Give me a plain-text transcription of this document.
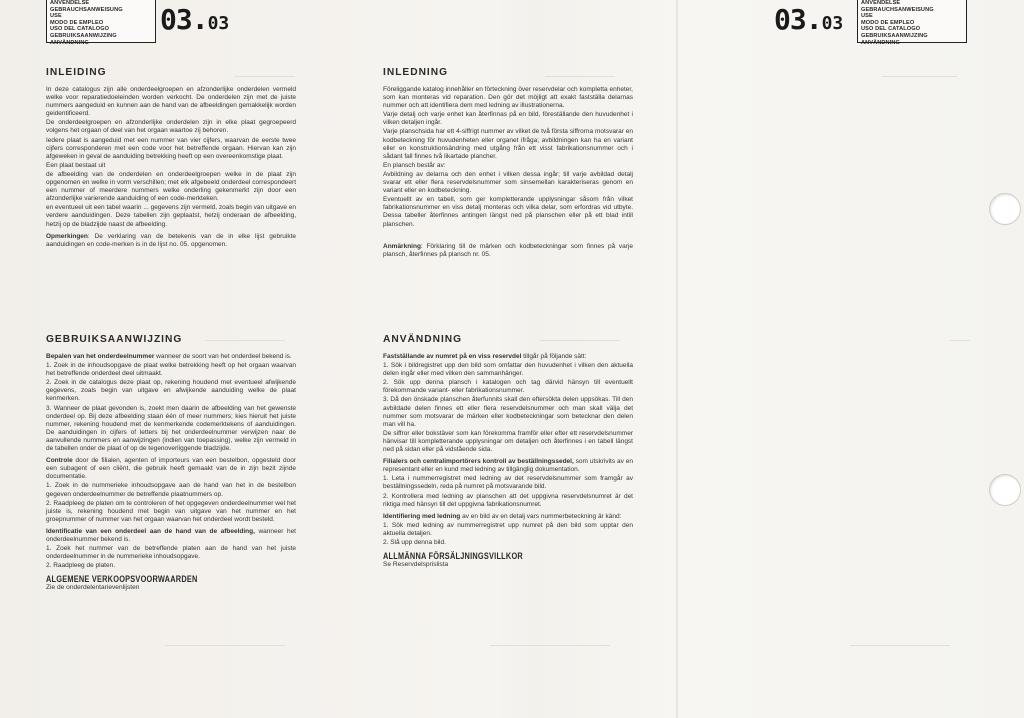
ANVENDELSE
GEBRAUCHSANWEISUNG
USE
MODO DE EMPLEO
USO DEL CATALOGO
GEBRUIKSAANWIJZING
ANVÄNDNING
03.03	03.03
ANVENDELSE
GEBRAUCHSANWEISUNG
USE
MODO DE EMPLEO
USO DEL CATALOGO
GEBRUIKSAANWIJZING
ANVÄNDNING
INLEIDING

In deze catalogus zijn alle onderdeelgroepen en afzonderlijke onderdelen vermeld welke voor reparatiedoeleinden worden verkocht. De onderdelen zijn met de juiste nummers aangeduid en kunnen aan de hand van de afbeeldingen gemakkelijk worden geidentificeerd.

De onderdeelgroepen en afzonderlijke onderdelen zijn in elke plaat gegroepeerd volgens het orgaan of deel van het orgaan waartoe zij behoren.

Iedere plaat is aangeduid met een nummer van vier cijfers, waarvan de eerste twee cijfers corresponderen met een code voor het betreffende orgaan. Hiervan kan zijn afgeweken in geval de aanduiding betrekking heeft op een overeenkomstige plaat.

Een plaat bestaat uit

de afbeelding van de onderdelen en onderdeelgroepen welke in de plaat zijn opgenomen en welke in vorm verschillen; met elk afgebeeld onderdeel correspondeert een nummer of meerdere nummers welke onderling gekenmerkt zijn door een afzonderlijke varierende aanduiding of een code-merkteken.

en eventueel uit een tabel waarin ... gegevens zijn vermeld, zoals begin van uitgave en verdere aanduidingen. Deze tabellen zijn geplaatst, hetzij onderaan de afbeelding, hetzij op de bladzijde naast de afbeelding.

Opmerkingen: De verklaring van de betekenis van de in elke lijst gebruikte aanduidingen en code-merken is in de lijst no. 05. opgenomen.

GEBRUIKSAANWIJZING

Bepalen van het onderdeelnummer wanneer de soort van het onderdeel bekend is.

1. Zoek in de inhoudsopgave de plaat welke betrekking heeft op het orgaan waarvan het betreffende onderdeel deel uitmaakt.

2. Zoek in de catalogus deze plaat op, rekening houdend met eventueel afwijkende gegevens, zoals begin van uitgave en afwijkende aanduiding welke de plaat kenmerken.

3. Wanneer de plaat gevonden is, zoekt men daarin de afbeelding van het gewenste onderdeel op. Bij deze afbeelding staan één of meer nummers; kies hieruit het juiste nummer, rekening houdend met de kenmerkende codemerktekens of aanduidingen. De aanduidingen in cijfers of letters bij het onderdeelnummer verwijzen naar de aanvullende nummers en aanwijzingen (indien van toepassing), welke zijn vermeld in de tabellen onder de plaat of op de tegenoverliggende bladzijde.

Controle door de filialen, agenten of importeurs van een bestelbon, opgesteld door een subagent of een cliënt, die gebruik heeft gemaakt van de in zijn bezit zijnde documentatie.

1. Zoek in de nummerieke inhoudsopgave aan de hand van het in de bestelbon gegeven onderdeelnummer de betreffende plaatnummers op.

2. Raadpleeg de platen om te controleren of het opgegeven onderdeelnummer wel het juiste is, rekening houdend met begin van uitgave van het nummer en het groepnummer of nummer van het orgaan waarvan het onderdeel wordt besteld.

Identificatie van een onderdeel aan de hand van de afbeelding, wanneer het onderdeelnummer bekend is.

1. Zoek het nummer van de betreffende platen aan de hand van het juiste onderdeelnummer in de nummerieke inhoudsopgave.

2. Raadpleeg de platen.

ALGEMENE VERKOOPSVOORWAARDEN
Zie de onderdelentarievenlijsten
INLEDNING

Föreliggande katalog innehåller en förteckning över reservdelar och kompletta enheter, som kan monteras vid reparation. Den gör det möjligt att exakt fastställa delarnas nummer och att identifiera dem med ledning av illustrationerna.

Varje detalj och varje enhet kan återfinnas på en bild, föreställande den huvudenhet i vilken detaljen ingår.

Varje planschsida har ett 4-siffrigt nummer av vilket de två första siffrorna motsvarar en kodbeteckning för huvudenheten eller organet ifråga; avbildningen kan ha en variant eller en konstruktionsändring med utgång från ett visst fabrikationsnummer och i sådant fall finnes två likartade plancher.

En plansch består av:

Avbildning av delarna och den enhet i vilken dessa ingår; till varje avbildad detalj svarar ett eller flera reservdelsnummer som sinsemellan karakteriseras genom en variant eller en kodbeteckning.

Eventuellt av en tabell, som ger kompletterande upplysningar såsom från vilket fabrikationsnummer en viss detalj monteras och vilka delar, som erfordras vid utbyte. Dessa tabeller återfinnes antingen längst ned på planschen eller på ett blad intill planschen.

Anmärkning: Förklaring till de märken och kodbeteckningar som finnes på varje plansch, återfinnes på plansch nr. 05.

ANVÄNDNING

Fastställande av numret på en viss reservdel tillgår på följande sätt:

1. Sök i bildregistret upp den bild som omfattar den huvudenhet i vilken den aktuella delen ingår eller med vilken den sammanhänger.

2. Sök upp denna plansch i katalogen och tag därvid hänsyn till eventuellt förekommande variant- eller fabrikationsnummer.

3. Då den önskade planschen återfunnits skall den eftersökta delen uppsökas. Till den avbildade delen finnes ett eller flera reservdelsnummer och man skall välja det nummer som motsvarar de märken eller kodbeteckningar som betecknar den delen man vill ha.

De siffror eller bokstäver som kan förekomma framför eller efter ett reservdelsnummer hänvisar till kompletterande upplysningar om detaljen och återfinnes i en tabell längst ned på sidan eller på vidstående sida.

Filialers och centralimportörers kontroll av beställningssedel, som utskrivits av en representant eller en kund med ledning av tillgänglig dokumentation.

1. Leta i nummerregistret med ledning av det reservdelsnummer som framgår av beställningssedeln, reda på numret på motsvarande bild.

2. Kontrollera med ledning av planschen att det uppgivna reservdelsnumret är det riktiga med hänsyn till det uppgivna fabrikationsnumret.

Identifiering med ledning av en bild av en detalj vars nummerbeteckning är känd:

1. Sök med ledning av nummerregistret upp numret på den bild som upptar den aktuella detaljen.

2. Slå upp denna bild.

ALLMÄNNA FÖRSÄLJNINGSVILLKOR
Se Reservdelsprislista
